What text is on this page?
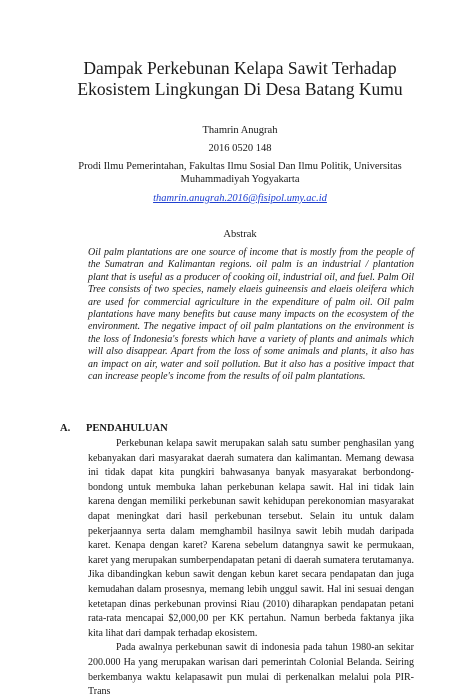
Dampak Perkebunan Kelapa Sawit Terhadap
Ekosistem Lingkungan Di Desa Batang Kumu
Thamrin Anugrah
2016 0520 148
Prodi Ilmu Pemerintahan, Fakultas Ilmu Sosial Dan Ilmu Politik, Universitas
Muhammadiyah Yogyakarta
thamrin.anugrah.2016@fisipol.umy.ac.id
Abstrak

Oil palm plantations are one source of income that is mostly from the people of the Sumatran and Kalimantan regions. oil palm is an industrial / plantation plant that is useful as a producer of cooking oil, industrial oil, and fuel. Palm Oil Tree consists of two species, namely elaeis guineensis and elaeis oleifera which are used for commercial agriculture in the expenditure of palm oil. Oil palm plantations have many benefits but cause many impacts on the ecosystem of the environment. The negative impact of oil palm plantations on the environment is the loss of Indonesia's forests which have a variety of plants and animals which will also disappear. Apart from the loss of some animals and plants, it also has an impact on air, water and soil pollution. But it also has a positive impact that can increase people's income from the results of oil palm plantations.

A. PENDAHULUAN

Perkebunan kelapa sawit merupakan salah satu sumber penghasilan yang kebanyakan dari masyarakat daerah sumatera dan kalimantan. Memang dewasa ini tidak dapat kita pungkiri bahwasanya banyak masyarakat berbondong-bondong untuk membuka lahan perkebunan kelapa sawit. Hal ini tidak lain karena dengan memiliki perkebunan sawit kehidupan perekonomian masyarakat dapat meningkat dari hasil perkebunan tersebut. Selain itu untuk dalam pekerjaannya serta dalam memghambil hasilnya sawit lebih mudah daripada karet. Kenapa dengan karet? Karena sebelum datangnya sawit ke permukaan, karet yang merupakan sumberpendapatan petani di daerah sumatera terutamanya. Jika dibandingkan kebun sawit dengan kebun karet secara pendapatan dan juga kemudahan dalam prosesnya, memang lebih unggul sawit. Hal ini sesuai dengan ketetapan dinas perkebunan provinsi Riau (2010) diharapkan pendapatan petani rata-rata mencapai $2,000,00 per KK pertahun. Namun berbeda faktanya jika kita lihat dari dampak terhadap ekosistem.

Pada awalnya perkebunan sawit di indonesia pada tahun 1980-an sekitar 200.000 Ha yang merupakan warisan dari pemerintah Colonial Belanda. Seiring berkembanya waktu kelapasawit pun mulai di perkenalkan melalui pola PIR-Trans
